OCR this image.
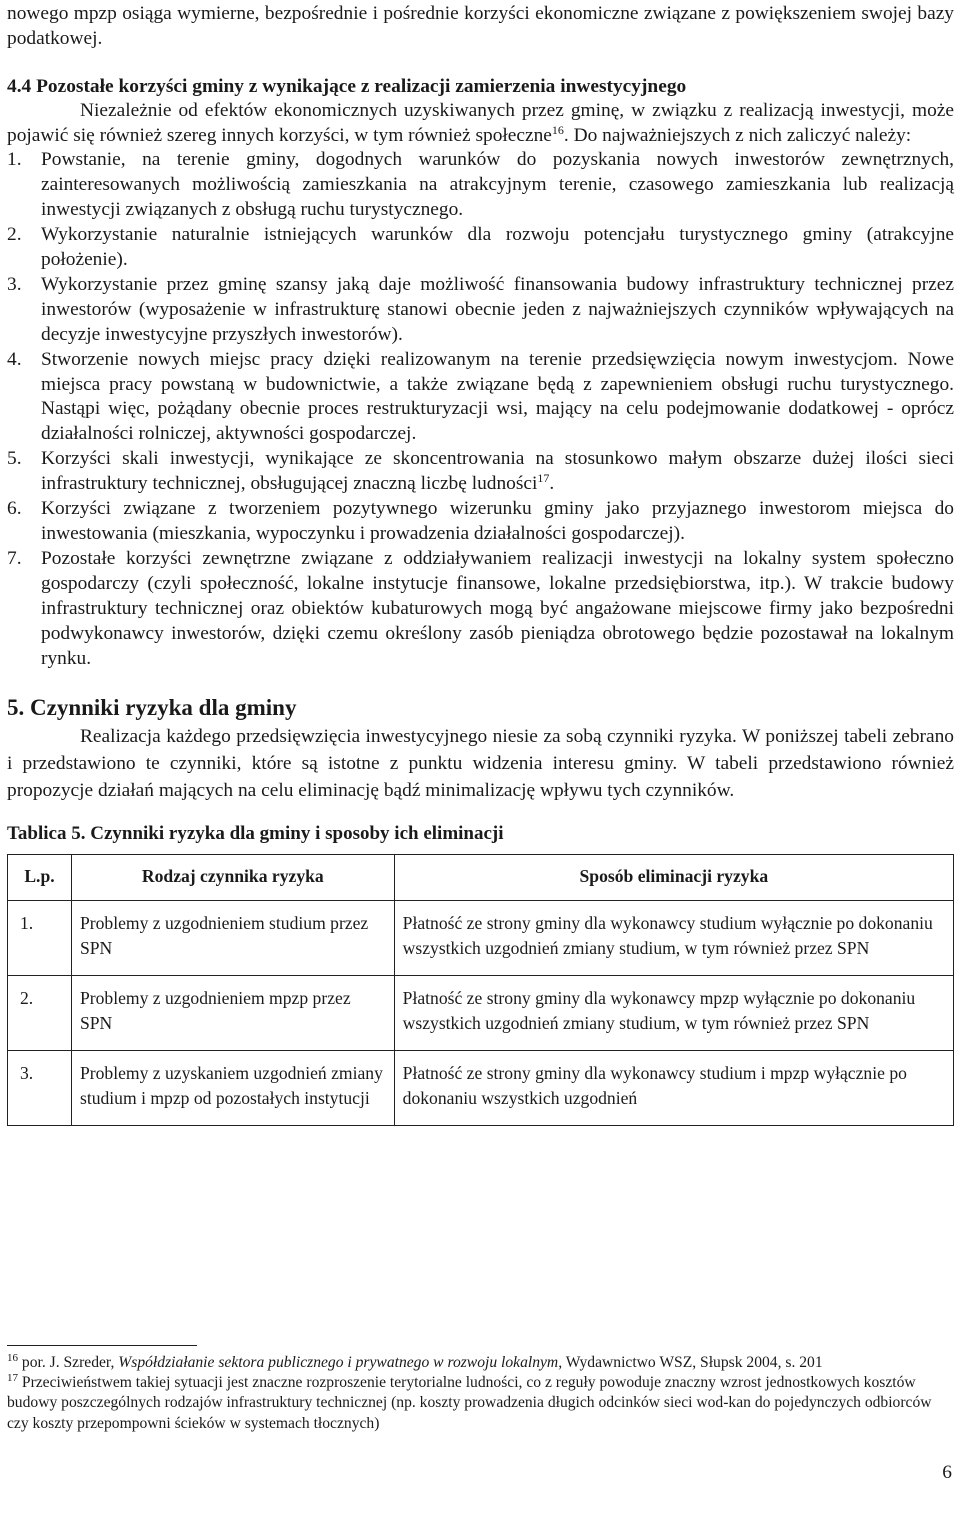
nowego mpzp osiąga wymierne, bezpośrednie i pośrednie korzyści ekonomiczne związane z powiększeniem swojej bazy podatkowej.

4.4 Pozostałe korzyści gminy z wynikające z realizacji zamierzenia inwestycyjnego

Niezależnie od efektów ekonomicznych uzyskiwanych przez gminę, w związku z realizacją inwestycji, może pojawić się również szereg innych korzyści, w tym również społeczne$^{16}$. Do najważniejszych z nich zaliczyć należy:

1. Powstanie, na terenie gminy, dogodnych warunków do pozyskania nowych inwestorów zewnętrznych, zainteresowanych możliwością zamieszkania na atrakcyjnym terenie, czasowego zamieszkania lub realizacją inwestycji związanych z obsługą ruchu turystycznego.
2. Wykorzystanie naturalnie istniejących warunków dla rozwoju potencjału turystycznego gminy (atrakcyjne położenie).
3. Wykorzystanie przez gminę szansy jaką daje możliwość finansowania budowy infrastruktury technicznej przez inwestorów (wyposażenie w infrastrukturę stanowi obecnie jeden z najważniejszych czynników wpływających na decyzje inwestycyjne przyszłych inwestorów).
4. Stworzenie nowych miejsc pracy dzięki realizowanym na terenie przedsięwzięcia nowym inwestycjom. Nowe miejsca pracy powstaną w budownictwie, a także związane będą z zapewnieniem obsługi ruchu turystycznego. Nastąpi więc, pożądany obecnie proces restrukturyzacji wsi, mający na celu podejmowanie dodatkowej - oprócz działalności rolniczej, aktywności gospodarczej.
5. Korzyści skali inwestycji, wynikające ze skoncentrowania na stosunkowo małym obszarze dużej ilości sieci infrastruktury technicznej, obsługującej znaczną liczbę ludności$^{17}$.
6. Korzyści związane z tworzeniem pozytywnego wizerunku gminy jako przyjaznego inwestorom miejsca do inwestowania (mieszkania, wypoczynku i prowadzenia działalności gospodarczej).
7. Pozostałe korzyści zewnętrzne związane z oddziaływaniem realizacji inwestycji na lokalny system społeczno gospodarczy (czyli społeczność, lokalne instytucje finansowe, lokalne przedsiębiorstwa, itp.). W trakcie budowy infrastruktury technicznej oraz obiektów kubaturowych mogą być angażowane miejscowe firmy jako bezpośredni podwykonawcy inwestorów, dzięki czemu określony zasób pieniądza obrotowego będzie pozostawał na lokalnym rynku.

5. Czynniki ryzyka dla gminy

Realizacja każdego przedsięwzięcia inwestycyjnego niesie za sobą czynniki ryzyka. W poniższej tabeli zebrano i przedstawiono te czynniki, które są istotne z punktu widzenia interesu gminy. W tabeli przedstawiono również propozycje działań mających na celu eliminację bądź minimalizację wpływu tych czynników.

Tablica 5. Czynniki ryzyka dla gminy i sposoby ich eliminacji

L.p.	Rodzaj czynnika ryzyka	Sposób eliminacji ryzyka
1.	Problemy z uzgodnieniem studium przez SPN	Płatność ze strony gminy dla wykonawcy studium wyłącznie po dokonaniu wszystkich uzgodnień zmiany studium, w tym również przez SPN
2.	Problemy z uzgodnieniem mpzp przez SPN	Płatność ze strony gminy dla wykonawcy mpzp wyłącznie po dokonaniu wszystkich uzgodnień zmiany studium, w tym również przez SPN
3.	Problemy z uzyskaniem uzgodnień zmiany studium i mpzp od pozostałych instytucji	Płatność ze strony gminy dla wykonawcy studium i mpzp wyłącznie po dokonaniu wszystkich uzgodnień

$^{16}$ por. J. Szreder, Współdziałanie sektora publicznego i prywatnego w rozwoju lokalnym, Wydawnictwo WSZ, Słupsk 2004, s. 201

$^{17}$ Przeciwieństwem takiej sytuacji jest znaczne rozproszenie terytorialne ludności, co z reguły powoduje znaczny wzrost jednostkowych kosztów budowy poszczególnych rodzajów infrastruktury technicznej (np. koszty prowadzenia długich odcinków sieci wod-kan do pojedynczych odbiorców czy koszty przepompowni ścieków w systemach tłocznych)

6
